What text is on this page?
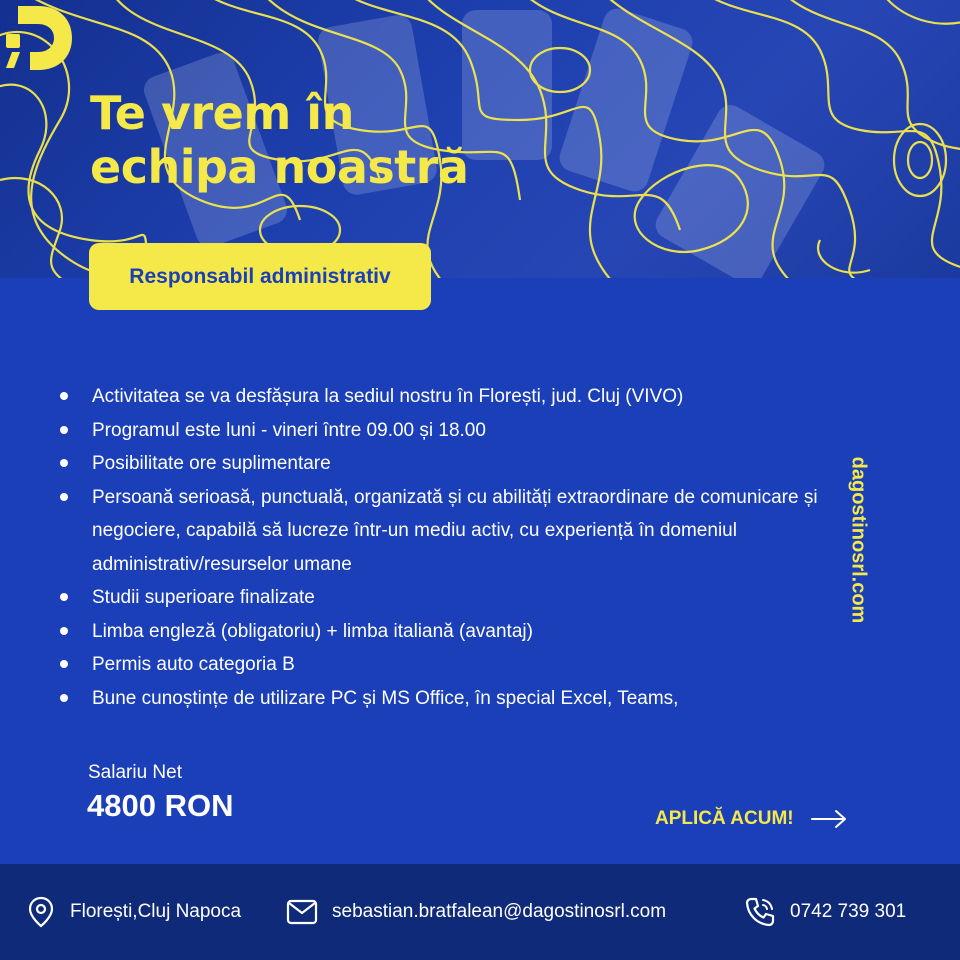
Te vrem în
echipa noastră
Responsabil administrativ
Activitatea se va desfășura la sediul nostru în Florești, jud. Cluj (VIVO)
Programul este luni - vineri între 09.00 și 18.00
Posibilitate ore suplimentare
Persoană serioasă, punctuală, organizată și cu abilități extraordinare de comunicare și negociere, capabilă să lucreze într-un mediu activ, cu experiență în domeniul administrativ/resurselor umane
Studii superioare finalizate
Limba engleză (obligatoriu) + limba italiană (avantaj)
Permis auto categoria B
Bune cunoștințe de utilizare PC și MS Office, în special Excel, Teams,
dagostinosrl.com
Salariu Net
4800 RON	APLICĂ ACUM!
Florești,Cluj Napoca	sebastian.bratfalean@dagostinosrl.com	0742 739 301
